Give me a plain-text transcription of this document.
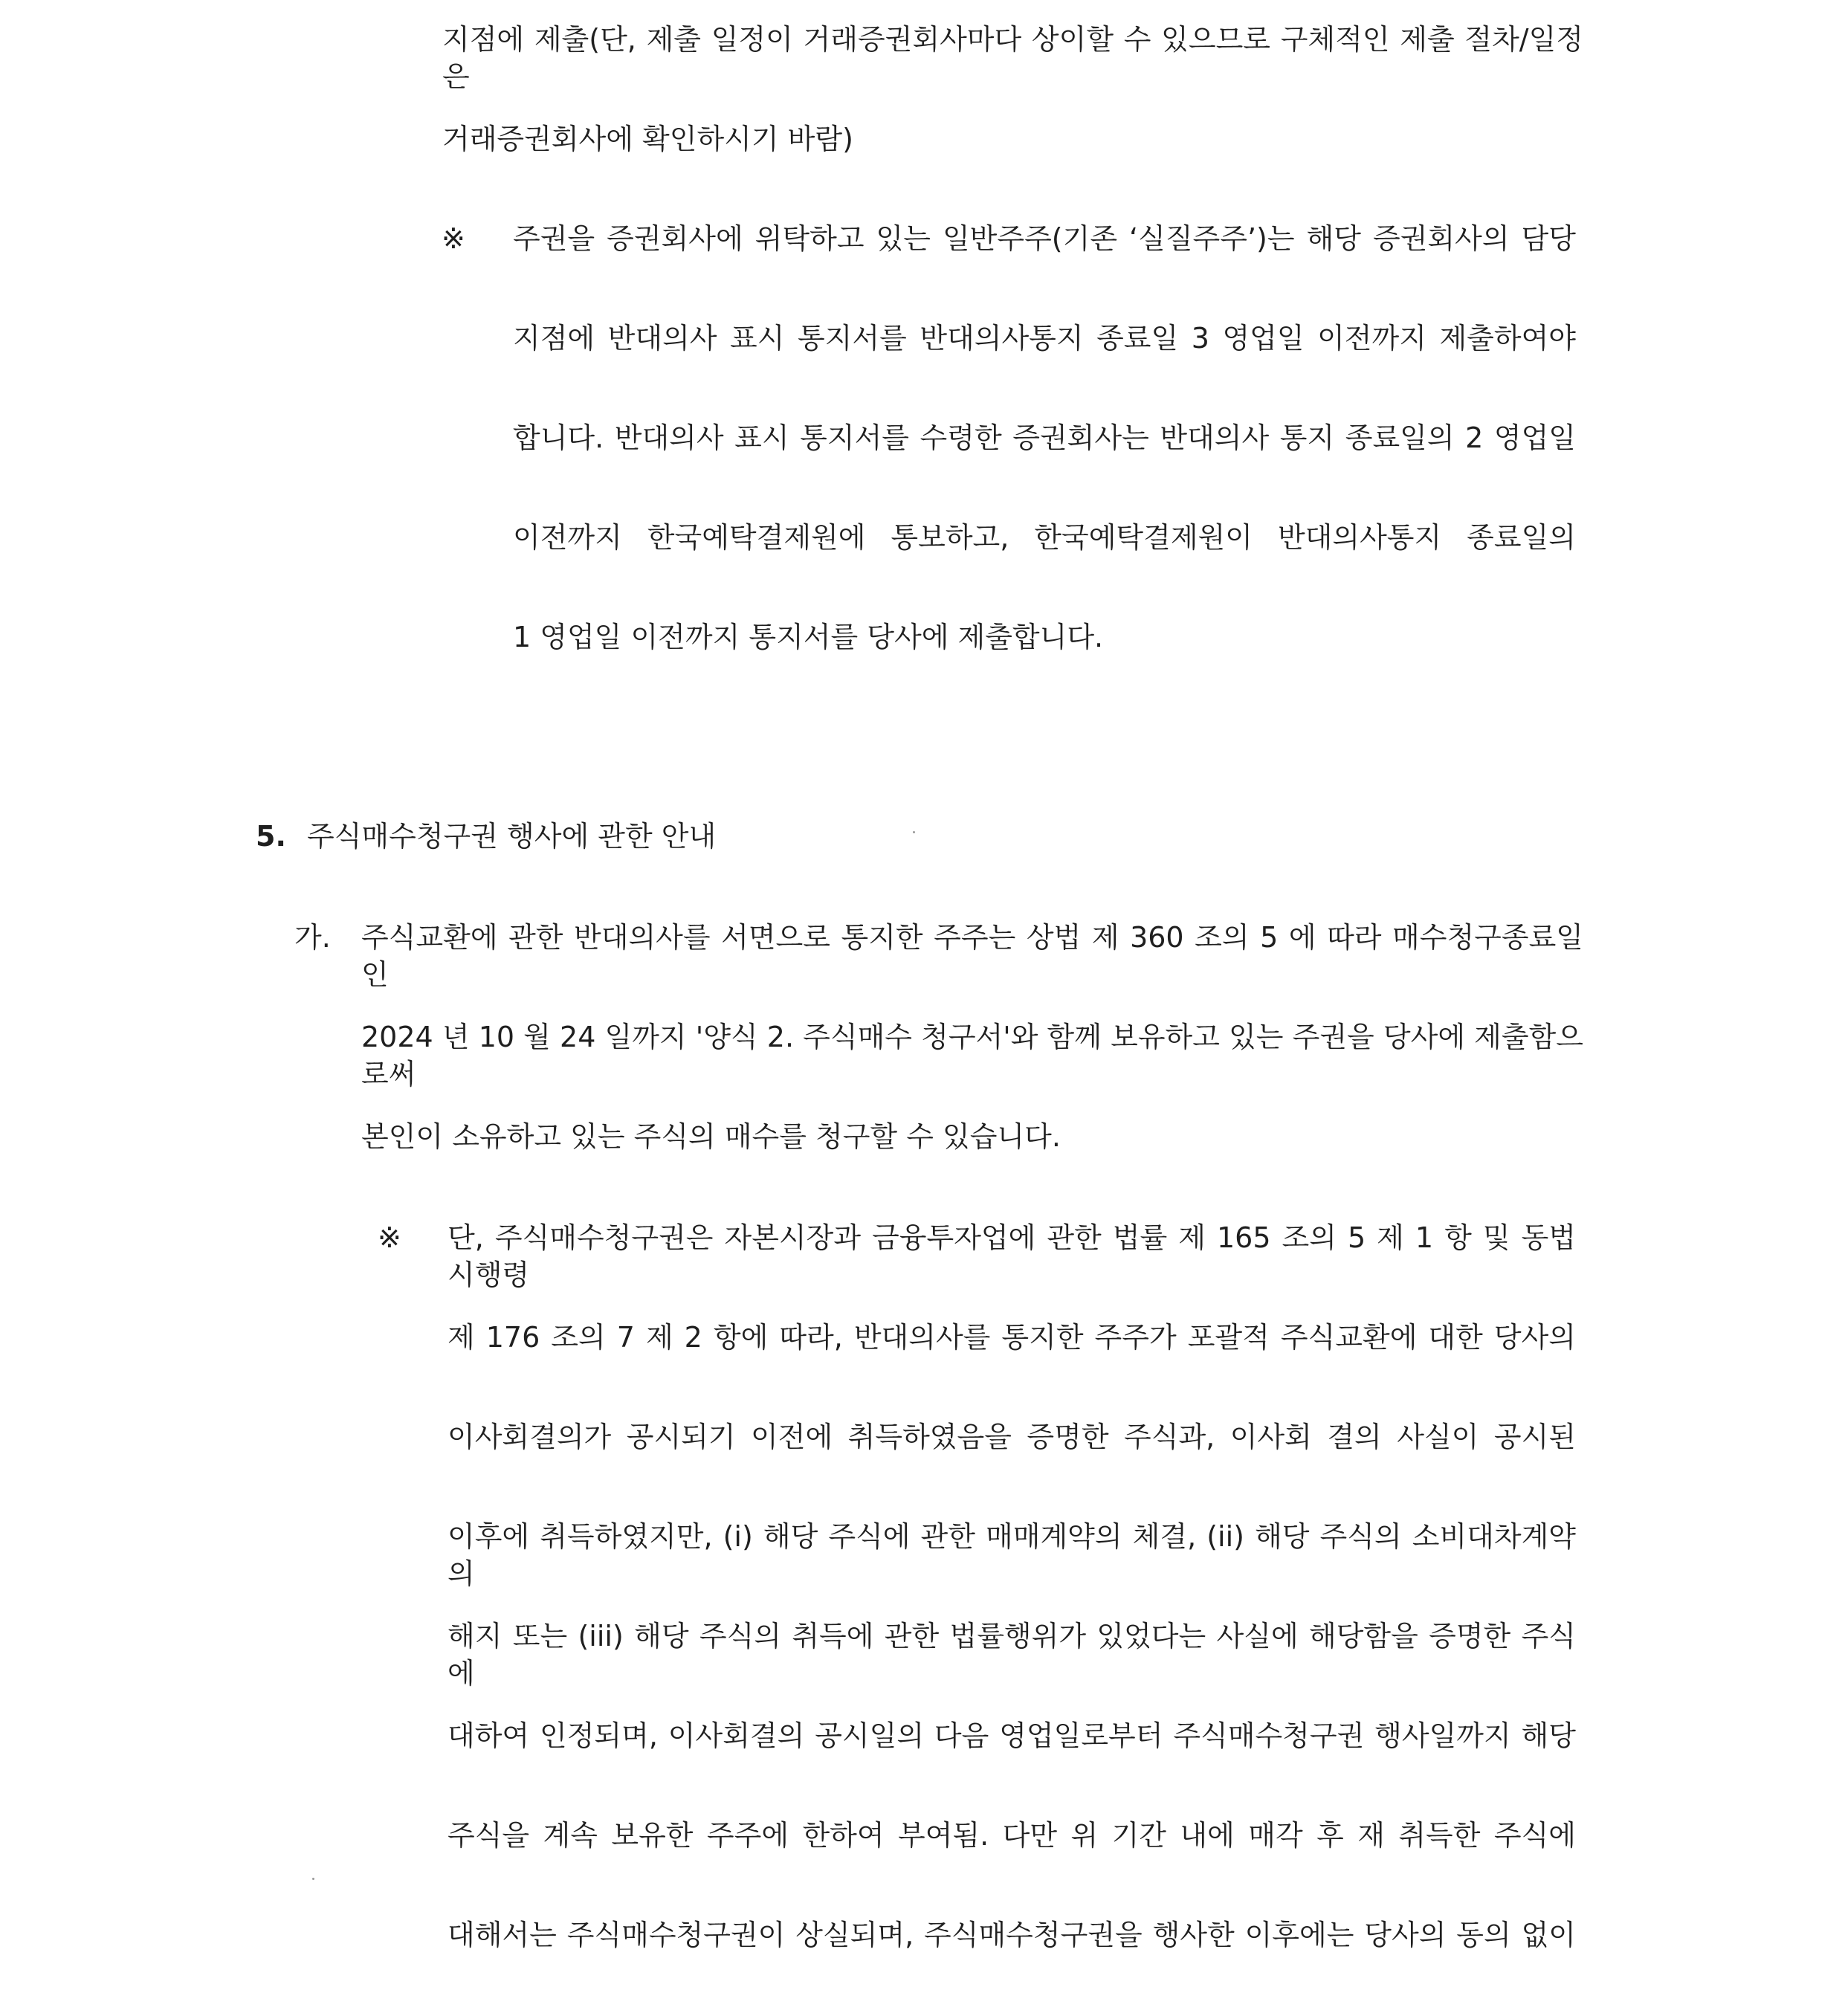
지점에 제출(단, 제출 일정이 거래증권회사마다 상이할 수 있으므로 구체적인 제출 절차/일정은
거래증권회사에 확인하시기 바람)
※ 주권을 증권회사에 위탁하고 있는 일반주주(기존 ‘실질주주’)는 해당 증권회사의 담당
지점에 반대의사 표시 통지서를 반대의사통지 종료일 3 영업일 이전까지 제출하여야
합니다. 반대의사 표시 통지서를 수령한 증권회사는 반대의사 통지 종료일의 2 영업일
이전까지 한국예탁결제원에 통보하고, 한국예탁결제원이 반대의사통지 종료일의
1 영업일 이전까지 통지서를 당사에 제출합니다.
5. 주식매수청구권 행사에 관한 안내
가. 주식교환에 관한 반대의사를 서면으로 통지한 주주는 상법 제 360 조의 5 에 따라 매수청구종료일인
2024 년 10 월 24 일까지 '양식 2. 주식매수 청구서'와 함께 보유하고 있는 주권을 당사에 제출함으로써
본인이 소유하고 있는 주식의 매수를 청구할 수 있습니다.
※ 단, 주식매수청구권은 자본시장과 금융투자업에 관한 법률 제 165 조의 5 제 1 항 및 동법 시행령
제 176 조의 7 제 2 항에 따라, 반대의사를 통지한 주주가 포괄적 주식교환에 대한 당사의
이사회결의가 공시되기 이전에 취득하였음을 증명한 주식과, 이사회 결의 사실이 공시된
이후에 취득하였지만, (i) 해당 주식에 관한 매매계약의 체결, (ii) 해당 주식의 소비대차계약의
해지 또는 (iii) 해당 주식의 취득에 관한 법률행위가 있었다는 사실에 해당함을 증명한 주식에
대하여 인정되며, 이사회결의 공시일의 다음 영업일로부터 주식매수청구권 행사일까지 해당
주식을 계속 보유한 주주에 한하여 부여됨. 다만 위 기간 내에 매각 후 재 취득한 주식에
대해서는 주식매수청구권이 상실되며, 주식매수청구권을 행사한 이후에는 당사의 동의 없이
